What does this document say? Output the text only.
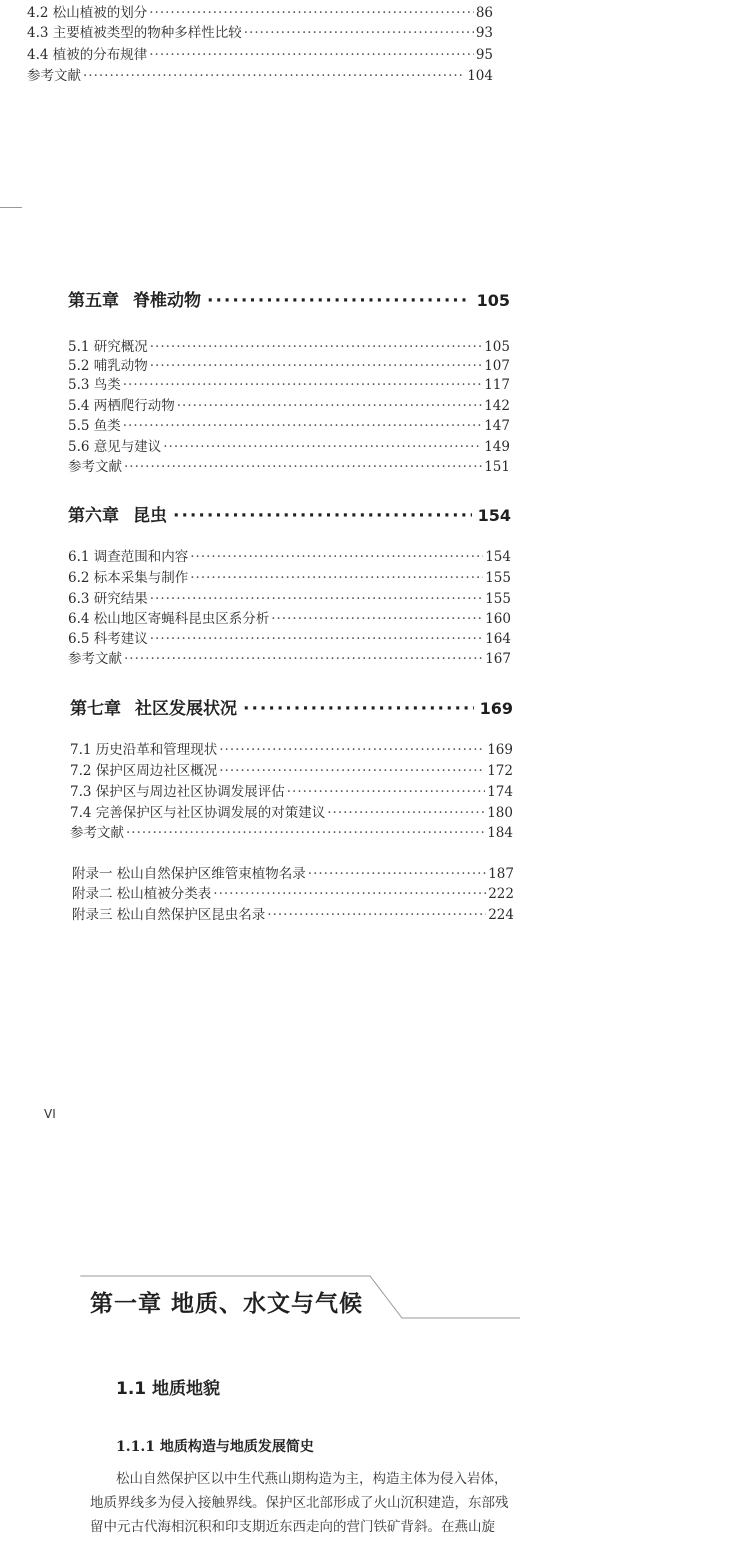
4.2 松山植被的划分 ·····	86
4.3 主要植被类型的物种多样性比较 ·····	93
4.4 植被的分布规律 ·····	95
参考文献 ·····	104
第五章 脊椎动物 ·····	105
5.1 研究概况 ·····	105
5.2 哺乳动物 ·····	107
5.3 鸟类 ·····	117
5.4 两栖爬行动物 ·····	142
5.5 鱼类 ·····	147
5.6 意见与建议 ·····	149
参考文献 ·····	151
第六章 昆虫 ·····	154
6.1 调查范围和内容 ·····	154
6.2 标本采集与制作 ·····	155
6.3 研究结果 ·····	155
6.4 松山地区寄蝇科昆虫区系分析 ·····	160
6.5 科考建议 ·····	164
参考文献 ·····	167
第七章 社区发展状况 ·····	169
7.1 历史沿革和管理现状 ·····	169
7.2 保护区周边社区概况 ·····	172
7.3 保护区与周边社区协调发展评估 ·····	174
7.4 完善保护区与社区协调发展的对策建议 ·····	180
参考文献 ·····	184
附录一 松山自然保护区维管束植物名录 ·····	187
附录二 松山植被分类表 ·····	222
附录三 松山自然保护区昆虫名录 ·····	224
VI
第一章 地质、水文与气候
1.1 地质地貌
1.1.1 地质构造与地质发展简史
松山自然保护区以中生代燕山期构造为主，构造主体为侵入岩体，
地质界线多为侵入接触界线。保护区北部形成了火山沉积建造，东部残
留中元古代海相沉积和印支期近东西走向的营门铁矿背斜。在燕山旋
